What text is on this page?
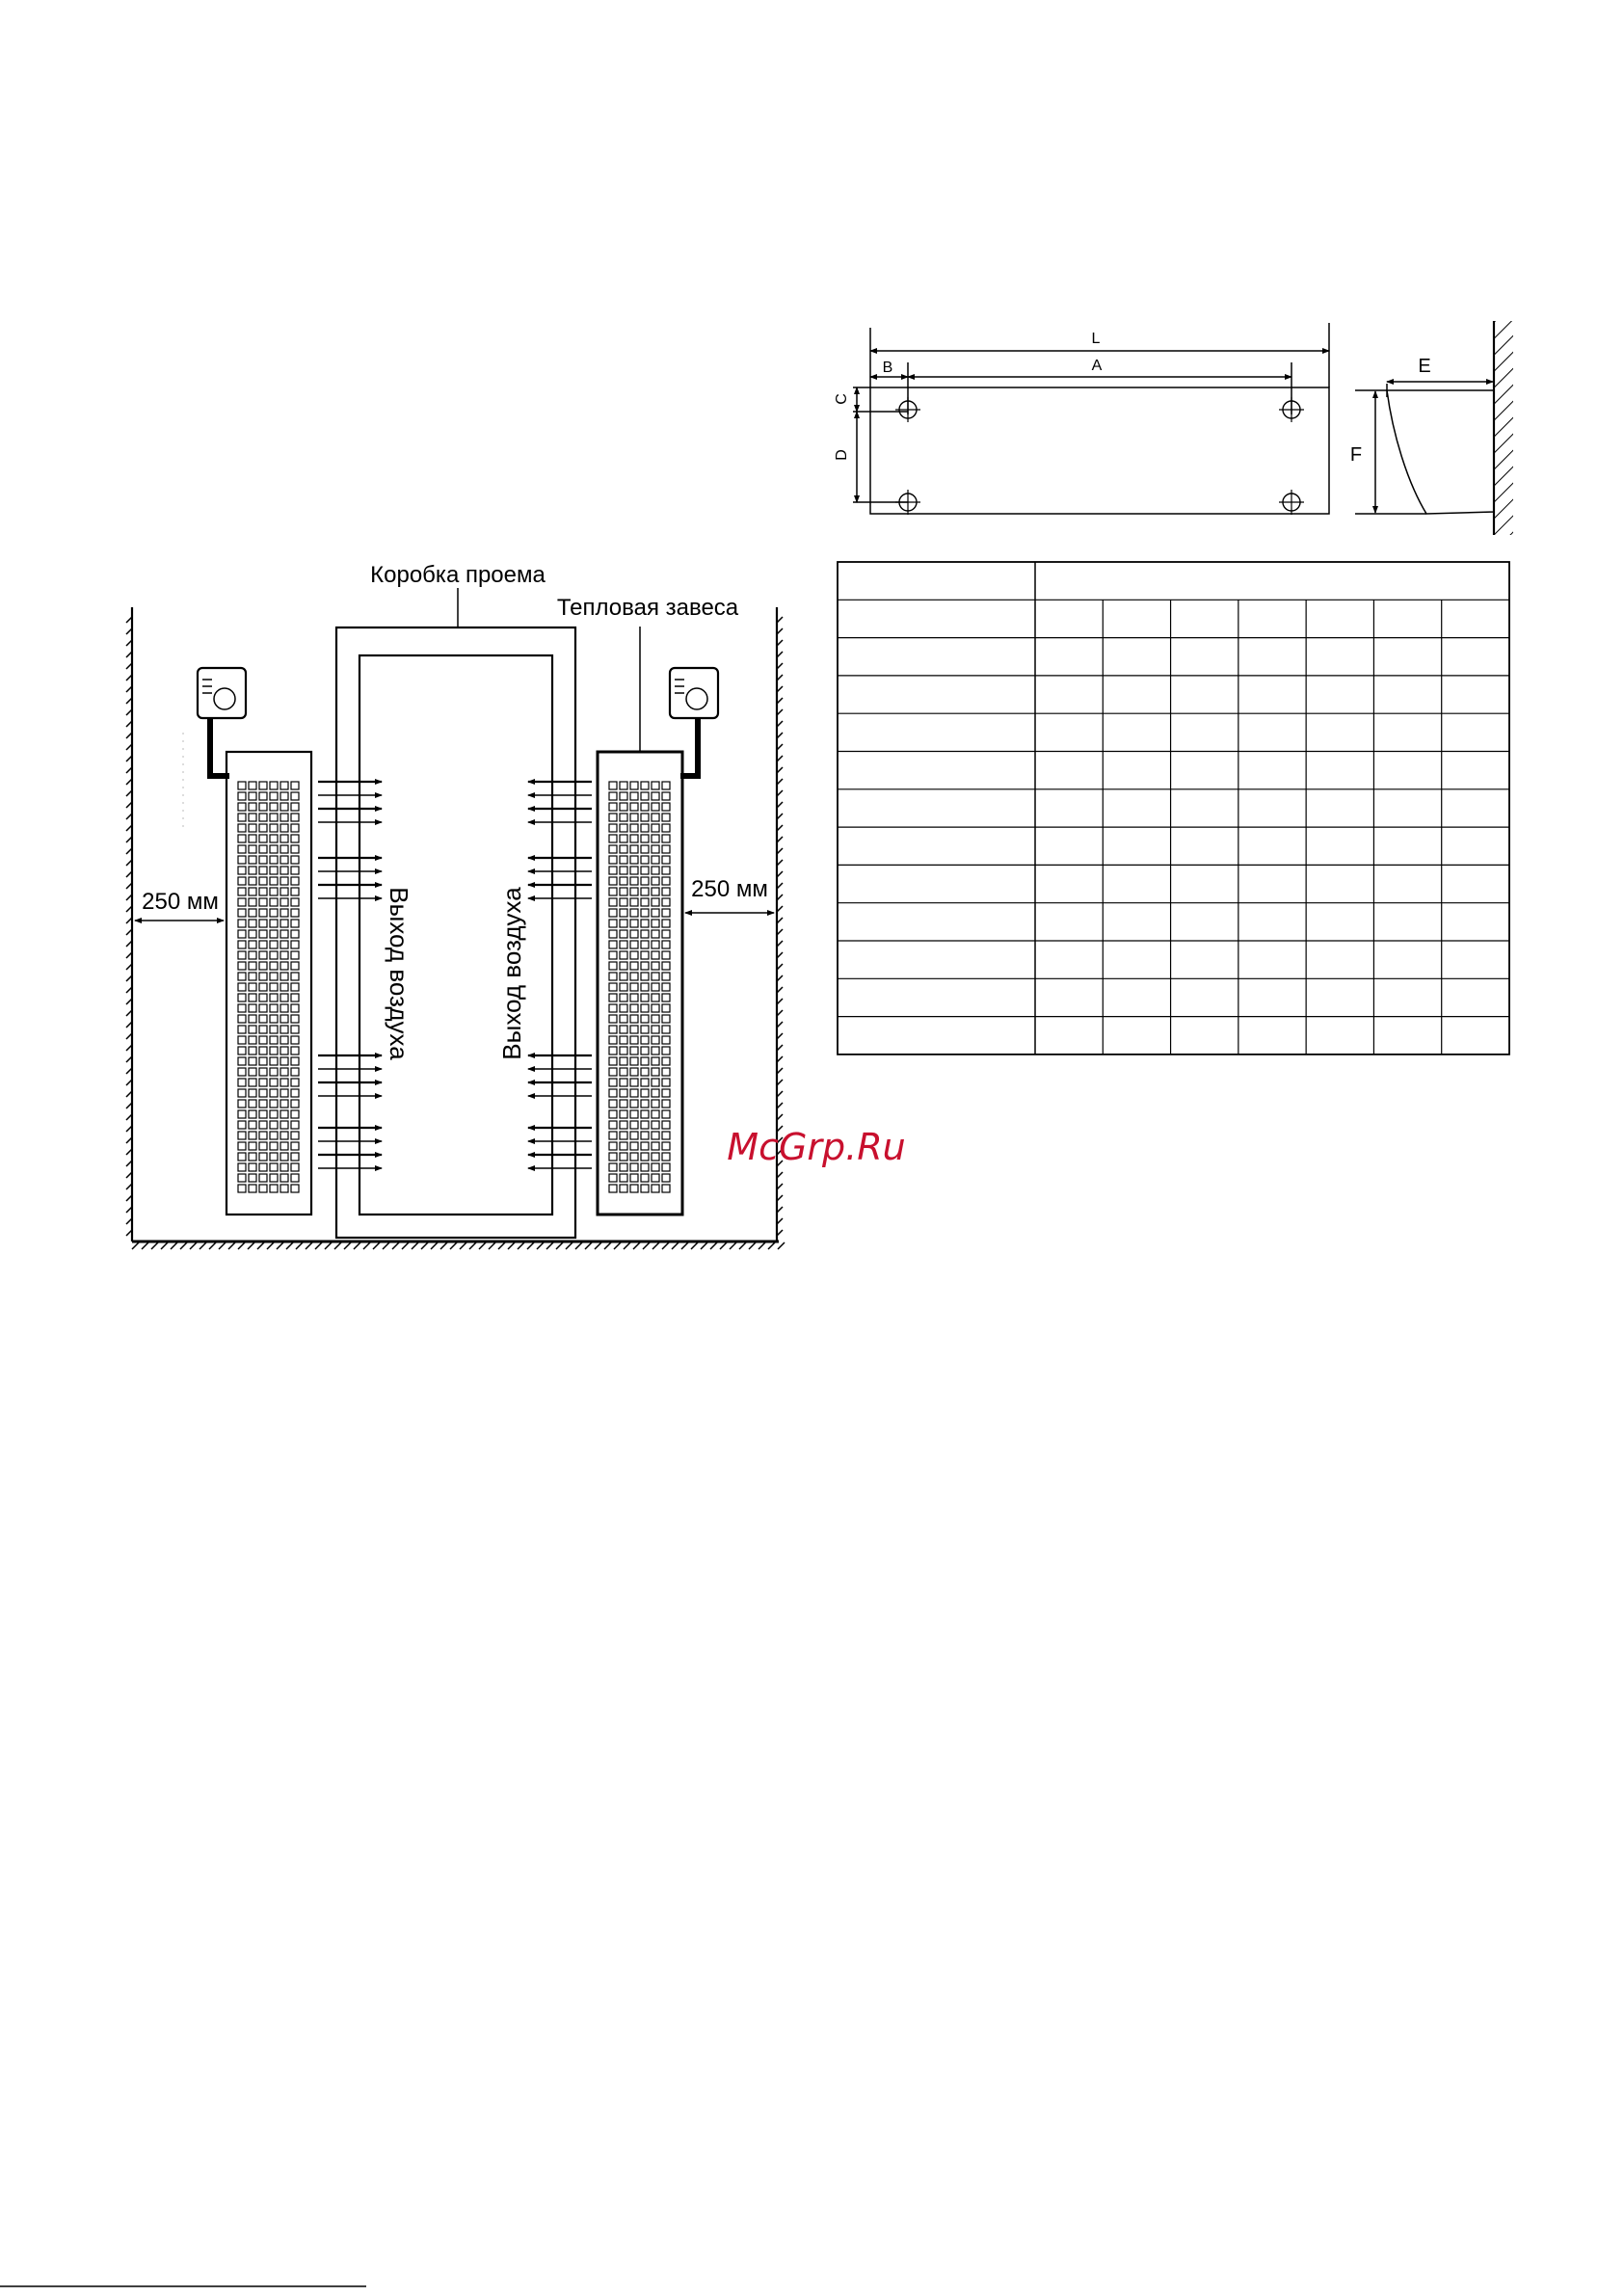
Коробка проема
Тепловая завеса
250 мм	250 мм
Выход воздуха	Выход воздуха
L
B	A
C
D
E
F
McGrp.Ru
